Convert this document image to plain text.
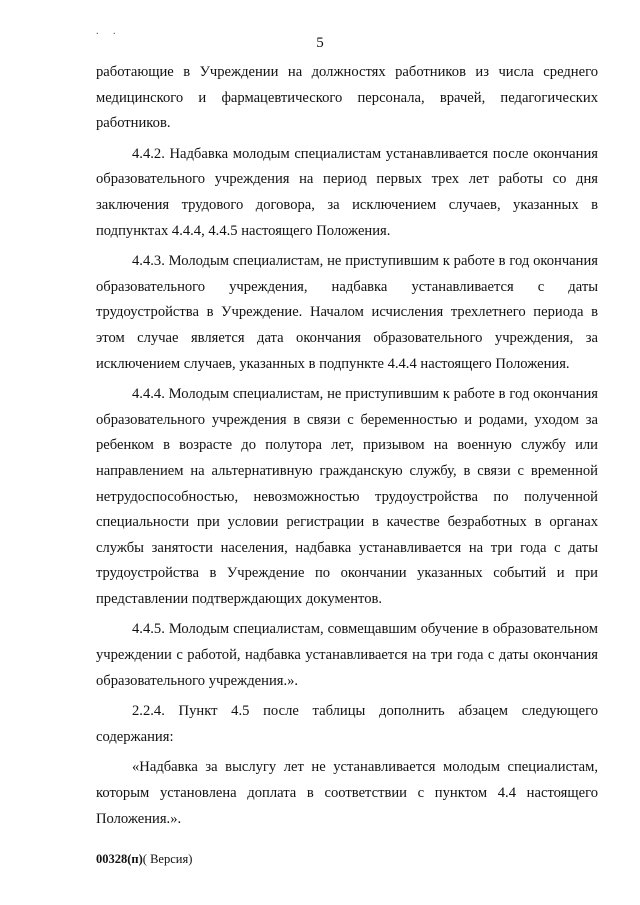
. .
5

работающие в Учреждении на должностях работников из числа среднего медицинского и фармацевтического персонала, врачей, педагогических работников.

4.4.2. Надбавка молодым специалистам устанавливается после окончания образовательного учреждения на период первых трех лет работы со дня заключения трудового договора, за исключением случаев, указанных в подпунктах 4.4.4, 4.4.5 настоящего Положения.

4.4.3. Молодым специалистам, не приступившим к работе в год окончания образовательного учреждения, надбавка устанавливается с даты трудоустройства в Учреждение. Началом исчисления трехлетнего периода в этом случае является дата окончания образовательного учреждения, за исключением случаев, указанных в подпункте 4.4.4 настоящего Положения.

4.4.4. Молодым специалистам, не приступившим к работе в год окончания образовательного учреждения в связи с беременностью и родами, уходом за ребенком в возрасте до полутора лет, призывом на военную службу или направлением на альтернативную гражданскую службу, в связи с временной нетрудоспособностью, невозможностью трудоустройства по полученной специальности при условии регистрации в качестве безработных в органах службы занятости населения, надбавка устанавливается на три года с даты трудоустройства в Учреждение по окончании указанных событий и при представлении подтверждающих документов.

4.4.5. Молодым специалистам, совмещавшим обучение в образовательном учреждении с работой, надбавка устанавливается на три года с даты окончания образовательного учреждения.».

2.2.4. Пункт 4.5 после таблицы дополнить абзацем следующего содержания:

«Надбавка за выслугу лет не устанавливается молодым специалистам, которым установлена доплата в соответствии с пунктом 4.4 настоящего Положения.».

00328(п)( Версия)
